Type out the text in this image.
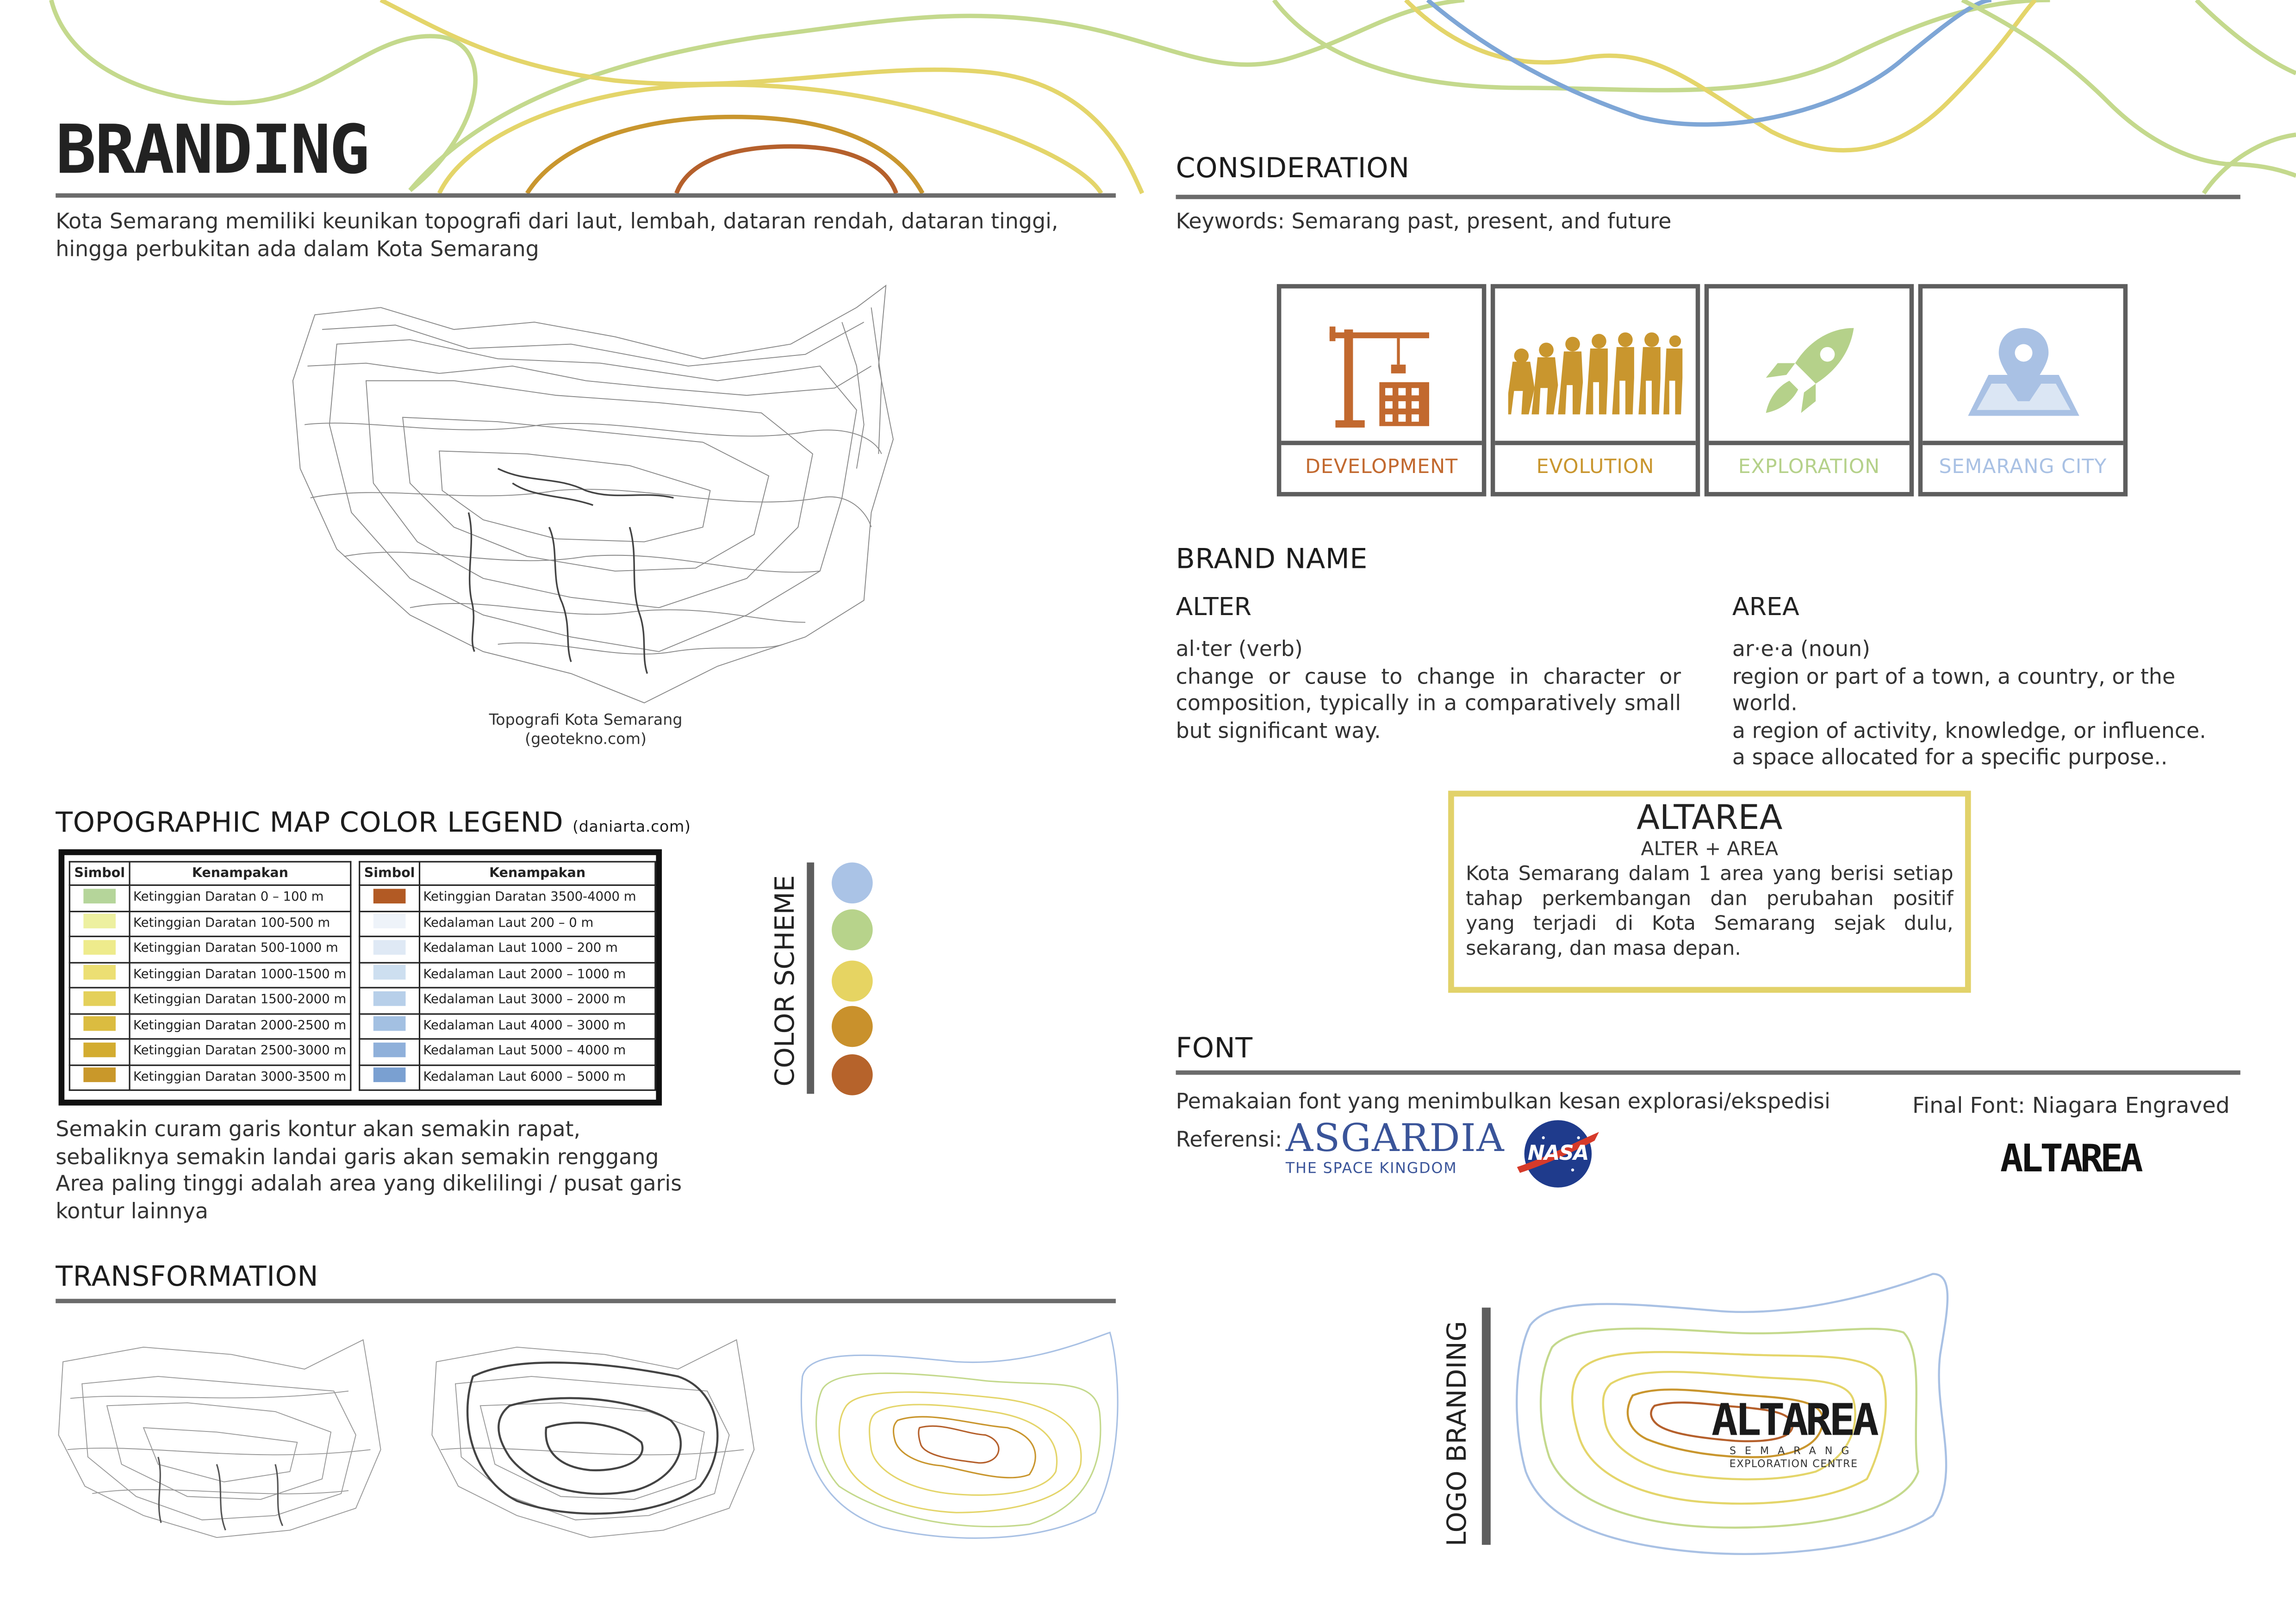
BRANDING
Kota Semarang memiliki keunikan topografi dari laut, lembah, dataran rendah, dataran tinggi, hingga perbukitan ada dalam Kota Semarang
Topografi Kota Semarang
(geotekno.com)
TOPOGRAPHIC MAP COLOR LEGEND (daniarta.com)
Simbol	Kenampakan
	Ketinggian Daratan 0 – 100 m
	Ketinggian Daratan 100-500 m
	Ketinggian Daratan 500-1000 m
	Ketinggian Daratan 1000-1500 m
	Ketinggian Daratan 1500-2000 m
	Ketinggian Daratan 2000-2500 m
	Ketinggian Daratan 2500-3000 m
	Ketinggian Daratan 3000-3500 m
Simbol	Kenampakan
	Ketinggian Daratan 3500-4000 m
	Kedalaman Laut 200 – 0 m
	Kedalaman Laut 1000 – 200 m
	Kedalaman Laut 2000 – 1000 m
	Kedalaman Laut 3000 – 2000 m
	Kedalaman Laut 4000 – 3000 m
	Kedalaman Laut 5000 – 4000 m
	Kedalaman Laut 6000 – 5000 m
Semakin curam garis kontur akan semakin rapat, sebaliknya semakin landai garis akan semakin renggang
Area paling tinggi adalah area yang dikelilingi / pusat garis kontur lainnya
COLOR SCHEME
TRANSFORMATION
CONSIDERATION
Keywords: Semarang past, present, and future
DEVELOPMENT	EVOLUTION	EXPLORATION	SEMARANG CITY
BRAND NAME
ALTER
al·ter (verb)
change or cause to change in character or composition, typically in a comparatively small but significant way.
AREA
ar·e·a (noun)
region or part of a town, a country, or the world.
a region of activity, knowledge, or influence.
a space allocated for a specific purpose..
ALTAREA
ALTER + AREA
Kota Semarang dalam 1 area yang berisi setiap tahap perkembangan dan perubahan positif yang terjadi di Kota Semarang sejak dulu, sekarang, dan masa depan.
FONT
Pemakaian font yang menimbulkan kesan explorasi/ekspedisi
Referensi: ASGARDIA
THE SPACE KINGDOM
NASA
Final Font: Niagara Engraved
ALTAREA
LOGO BRANDING	ALTAREA
SEMARANG
EXPLORATION CENTRE
